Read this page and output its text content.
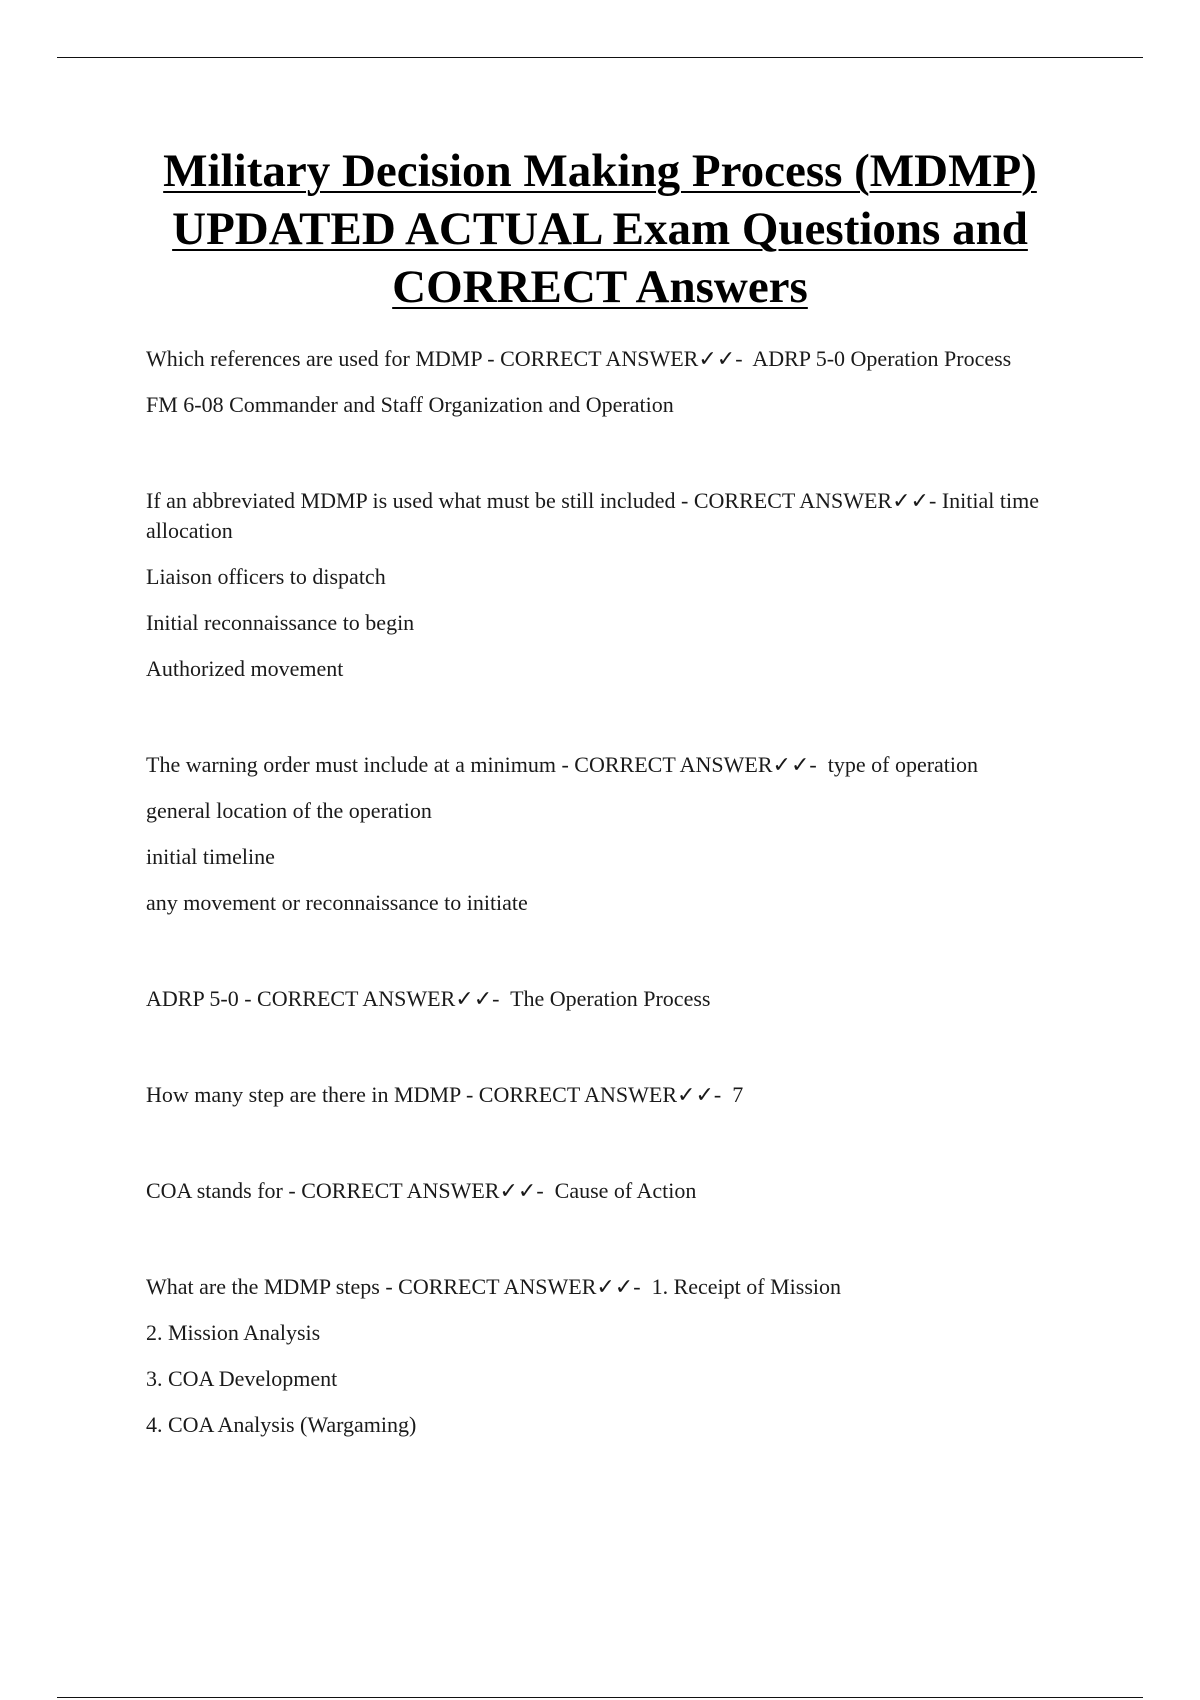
Military Decision Making Process (MDMP)
UPDATED ACTUAL Exam Questions and
CORRECT Answers

Which references are used for MDMP - CORRECT ANSWER✓✓- ADRP 5-0 Operation Process

FM 6-08 Commander and Staff Organization and Operation

If an abbreviated MDMP is used what must be still included - CORRECT ANSWER✓✓- Initial time allocation

Liaison officers to dispatch

Initial reconnaissance to begin

Authorized movement

The warning order must include at a minimum - CORRECT ANSWER✓✓- type of operation

general location of the operation

initial timeline

any movement or reconnaissance to initiate

ADRP 5-0 - CORRECT ANSWER✓✓- The Operation Process

How many step are there in MDMP - CORRECT ANSWER✓✓- 7

COA stands for - CORRECT ANSWER✓✓- Cause of Action

What are the MDMP steps - CORRECT ANSWER✓✓- 1. Receipt of Mission

2. Mission Analysis

3. COA Development

4. COA Analysis (Wargaming)
